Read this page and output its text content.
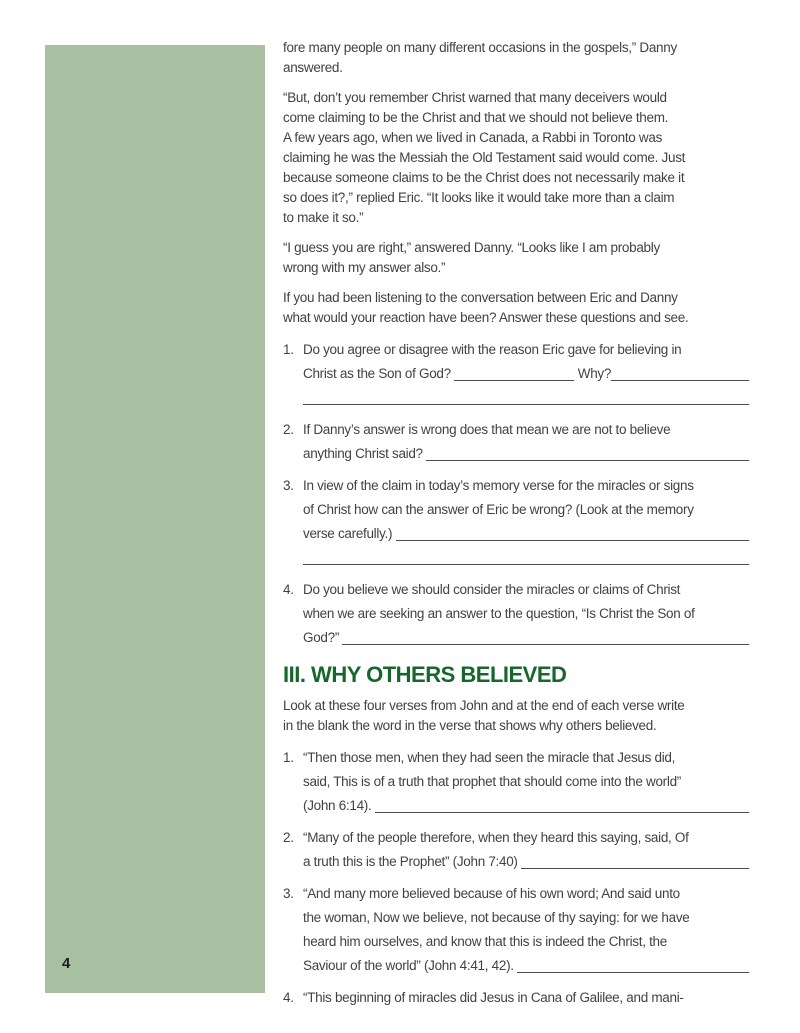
4
fore many people on many different occasions in the gospels,” Danny
answered.
“But, don’t you remember Christ warned that many deceivers would
come claiming to be the Christ and that we should not believe them.
A few years ago, when we lived in Canada, a Rabbi in Toronto was
claiming he was the Messiah the Old Testament said would come. Just
because someone claims to be the Christ does not necessarily make it
so does it?,” replied Eric. “It looks like it would take more than a claim
to make it so.”
“I guess you are right,” answered Danny. “Looks like I am probably
wrong with my answer also.”
If you had been listening to the conversation between Eric and Danny
what would your reaction have been? Answer these questions and see.
1. Do you agree or disagree with the reason Eric gave for believing in
Christ as the Son of God?	Why?
2. If Danny’s answer is wrong does that mean we are not to believe
anything Christ said?
3. In view of the claim in today’s memory verse for the miracles or signs
of Christ how can the answer of Eric be wrong? (Look at the memory
verse carefully.)
4. Do you believe we should consider the miracles or claims of Christ
when we are seeking an answer to the question, “Is Christ the Son of
God?”
III. WHY OTHERS BELIEVED
Look at these four verses from John and at the end of each verse write
in the blank the word in the verse that shows why others believed.
1. “Then those men, when they had seen the miracle that Jesus did,
said, This is of a truth that prophet that should come into the world”
(John 6:14).
2. “Many of the people therefore, when they heard this saying, said, Of
a truth this is the Prophet” (John 7:40)
3. “And many more believed because of his own word; And said unto
the woman, Now we believe, not because of thy saying: for we have
heard him ourselves, and know that this is indeed the Christ, the
Saviour of the world” (John 4:41, 42).
4. “This beginning of miracles did Jesus in Cana of Galilee, and mani-
